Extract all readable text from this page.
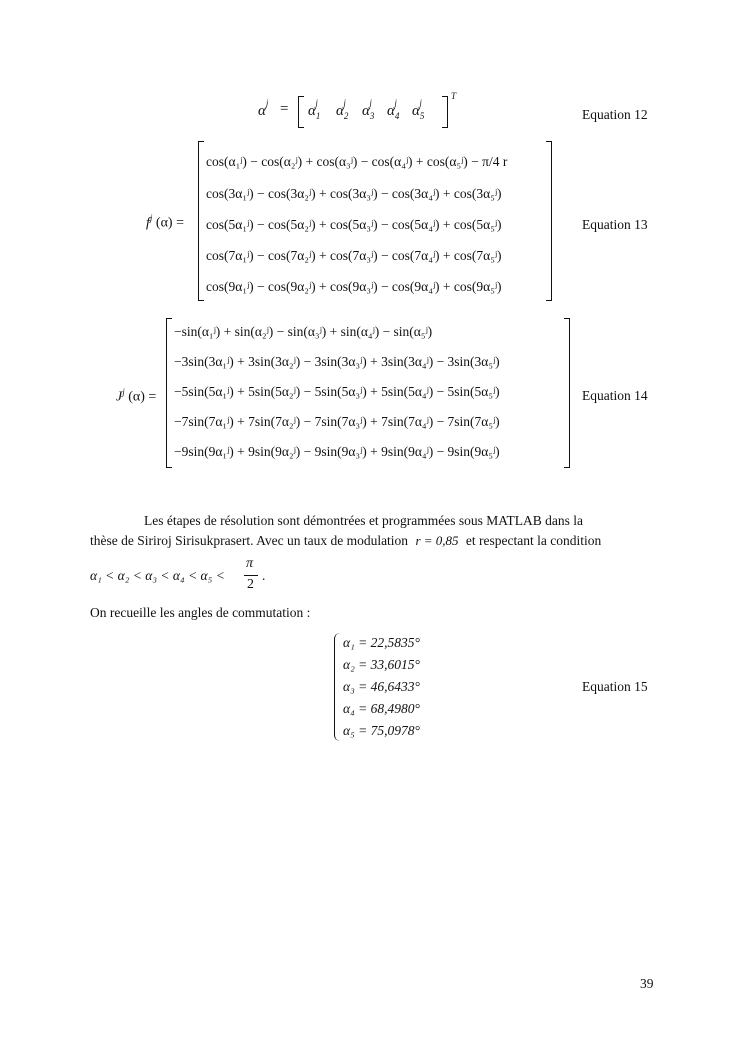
$\alpha^j = \alpha_1^j$	$\alpha_2^j$	$\alpha_3^j$	$\alpha_4^j$	$\alpha_5^j$
T
Equation 12
$f^j$ (α) =
cos(α₁ʲ) − cos(α₂ʲ) + cos(α₃ʲ) − cos(α₄ʲ) + cos(α₅ʲ) − π/4 r
cos(3α₁ʲ) − cos(3α₂ʲ) + cos(3α₃ʲ) − cos(3α₄ʲ) + cos(3α₅ʲ)
cos(5α₁ʲ) − cos(5α₂ʲ) + cos(5α₃ʲ) − cos(5α₄ʲ) + cos(5α₅ʲ)
cos(7α₁ʲ) − cos(7α₂ʲ) + cos(7α₃ʲ) − cos(7α₄ʲ) + cos(7α₅ʲ)
cos(9α₁ʲ) − cos(9α₂ʲ) + cos(9α₃ʲ) − cos(9α₄ʲ) + cos(9α₅ʲ)
Equation 13
$J^j$ (α) =
−sin(α₁ʲ) + sin(α₂ʲ) − sin(α₃ʲ) + sin(α₄ʲ) − sin(α₅ʲ)
−3sin(3α₁ʲ) + 3sin(3α₂ʲ) − 3sin(3α₃ʲ) + 3sin(3α₄ʲ) − 3sin(3α₅ʲ)
−5sin(5α₁ʲ) + 5sin(5α₂ʲ) − 5sin(5α₃ʲ) + 5sin(5α₄ʲ) − 5sin(5α₅ʲ)
−7sin(7α₁ʲ) + 7sin(7α₂ʲ) − 7sin(7α₃ʲ) + 7sin(7α₄ʲ) − 7sin(7α₅ʲ)
−9sin(9α₁ʲ) + 9sin(9α₂ʲ) − 9sin(9α₃ʲ) + 9sin(9α₄ʲ) − 9sin(9α₅ʲ)
Equation 14
Les étapes de résolution sont démontrées et programmées sous MATLAB dans la
thèse de Siriroj Sirisukprasert. Avec un taux de modulation r = 0,85 et respectant la condition
α₁ < α₂ < α₃ < α₄ < α₅ <
π
2
.
On recueille les angles de commutation :
α₁ = 22,5835°
α₂ = 33,6015°
α₃ = 46,6433°
α₄ = 68,4980°
α₅ = 75,0978°
Equation 15
39
